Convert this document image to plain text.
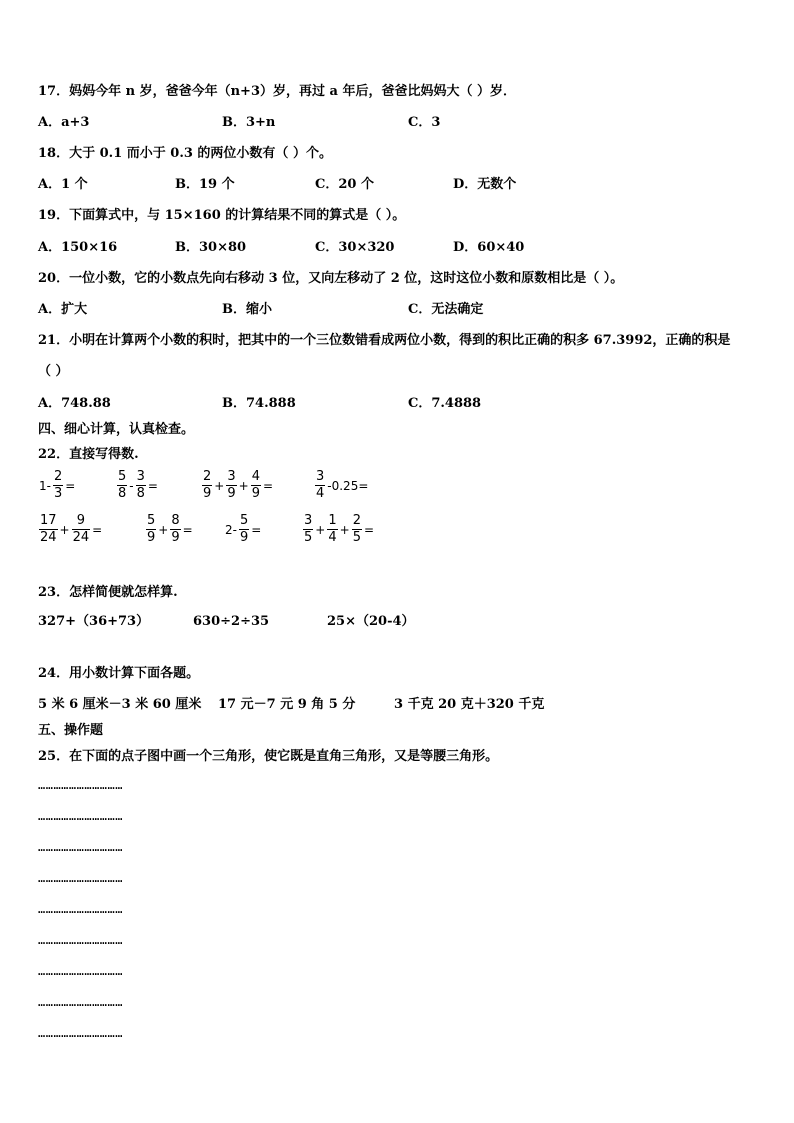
17．妈妈今年 n 岁，爸爸今年（n+3）岁，再过 a 年后，爸爸比妈妈大（ ）岁．
A．a+3	B．3+n	C．3
18．大于 0.1 而小于 0.3 的两位小数有（ ）个。
A．1 个	B．19 个	C．20 个	D．无数个
19．下面算式中，与 15×160 的计算结果不同的算式是（ ）。
A．150×16	B．30×80	C．30×320	D．60×40
20．一位小数，它的小数点先向右移动 3 位，又向左移动了 2 位，这时这位小数和原数相比是（ ）。
A．扩大	B．缩小	C．无法确定
21．小明在计算两个小数的积时，把其中的一个三位数错看成两位小数，得到的积比正确的积多 67.3992，正确的积是
（ ）
A．748.88	B．74.888	C．7.4888
四、细心计算，认真检查。
22．直接写得数.
$1- \frac{2}{3}$ =	$\frac{5}{8} - \frac{3}{8}$ =	$\frac{2}{9} + \frac{3}{9} + \frac{4}{9}$ =	$\frac{3}{4} -0.25=$
$\frac{17}{24} + \frac{9}{24}$ =	$\frac{5}{9} + \frac{8}{9}$ =	$2- \frac{5}{9}$ =	$\frac{3}{5} + \frac{1}{4} + \frac{2}{5}$ =
23．怎样简便就怎样算.
327+（36+73）	630÷2÷35	25×（20-4）
24．用小数计算下面各题。
5 米 6 厘米－3 米 60 厘米 17 元－7 元 9 角 5 分	3 千克 20 克＋320 千克
五、操作题
25．在下面的点子图中画一个三角形，使它既是直角三角形，又是等腰三角形。
……………………………
……………………………
……………………………
……………………………
……………………………
……………………………
……………………………
……………………………
……………………………
